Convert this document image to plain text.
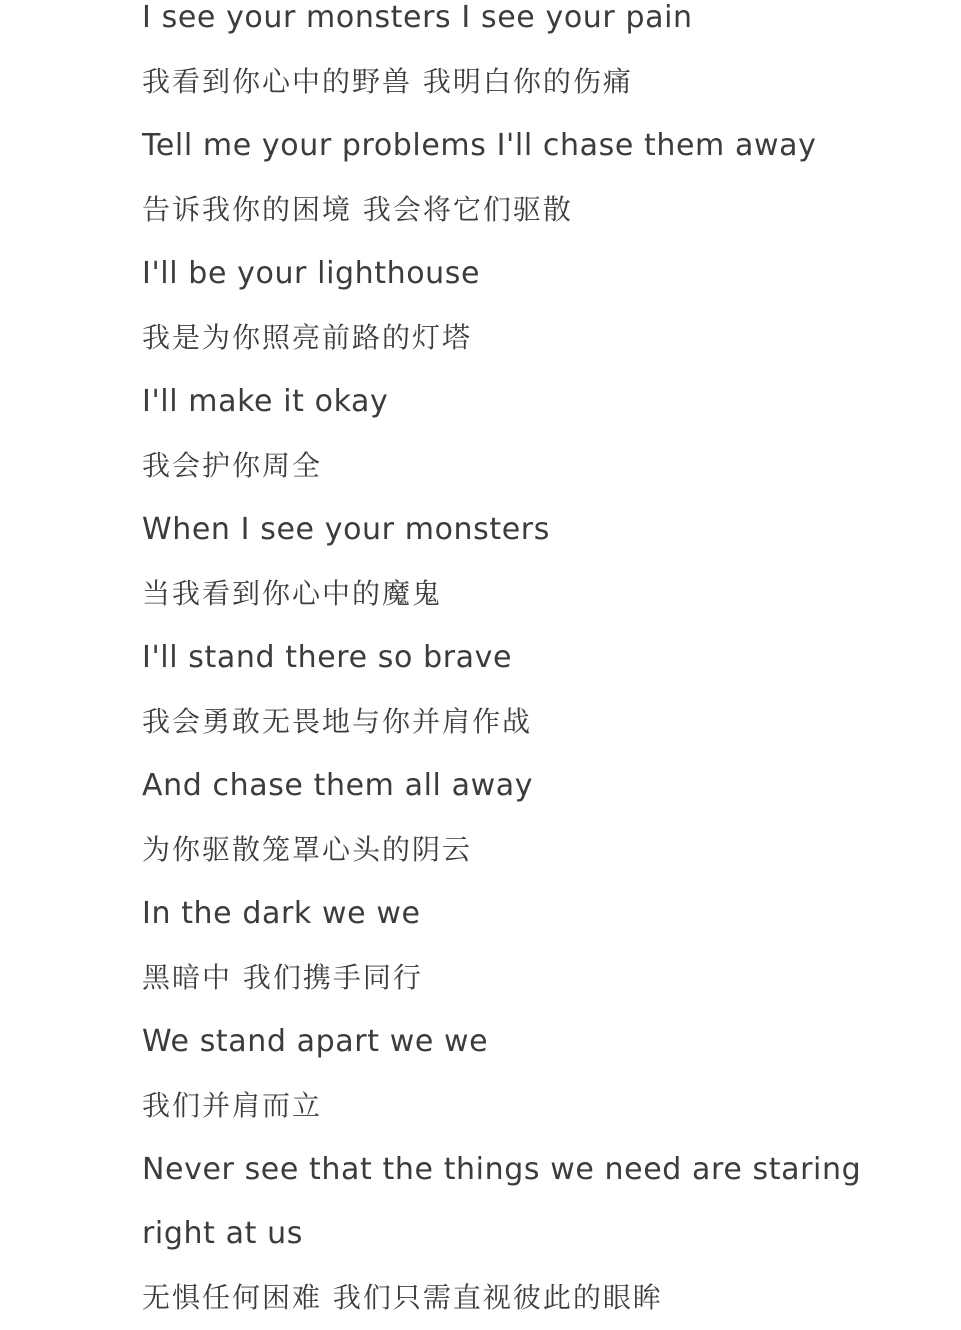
I see your monsters I see your pain

我看到你心中的野兽 我明白你的伤痛

Tell me your problems I'll chase them away

告诉我你的困境 我会将它们驱散

I'll be your lighthouse

我是为你照亮前路的灯塔

I'll make it okay

我会护你周全

When I see your monsters

当我看到你心中的魔鬼

I'll stand there so brave

我会勇敢无畏地与你并肩作战

And chase them all away

为你驱散笼罩心头的阴云

In the dark we we

黑暗中 我们携手同行

We stand apart we we

我们并肩而立

Never see that the things we need are staring right at us

无惧任何困难 我们只需直视彼此的眼眸
